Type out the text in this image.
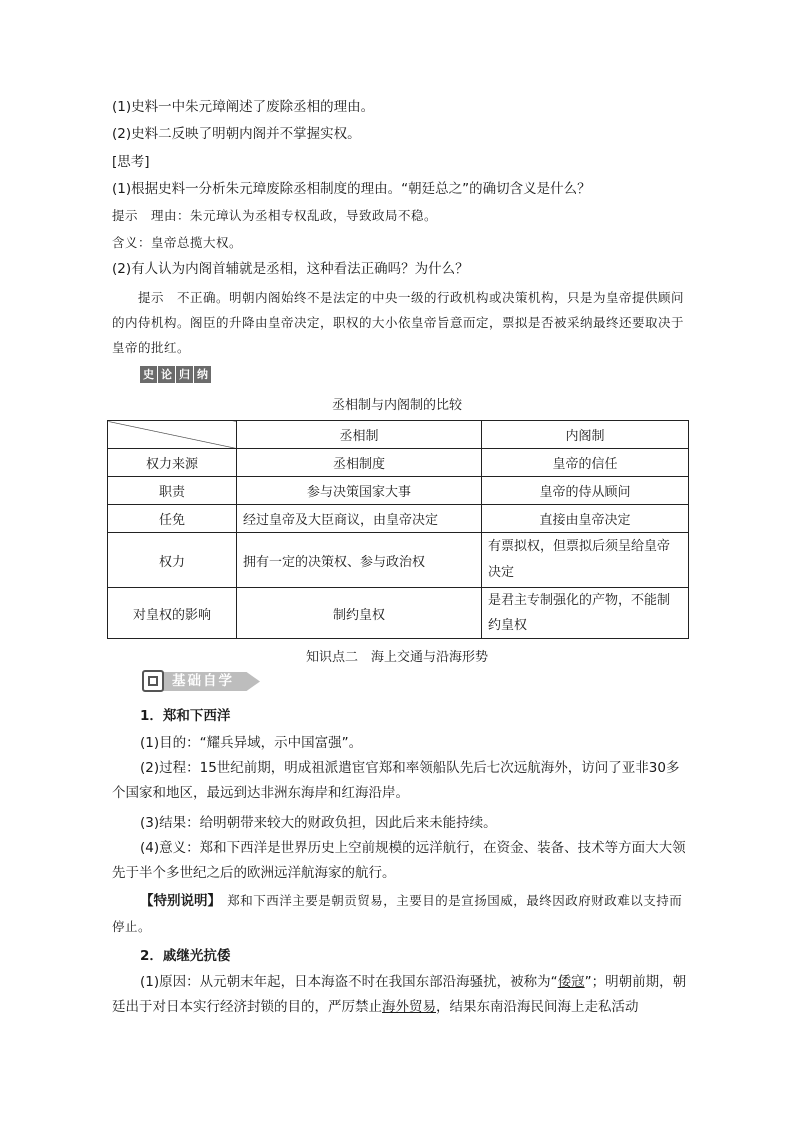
(1)史料一中朱元璋阐述了废除丞相的理由。
(2)史料二反映了明朝内阁并不掌握实权。
[思考]
(1)根据史料一分析朱元璋废除丞相制度的理由。“朝廷总之”的确切含义是什么？
提示　理由：朱元璋认为丞相专权乱政，导致政局不稳。
含义：皇帝总揽大权。
(2)有人认为内阁首辅就是丞相，这种看法正确吗？为什么？
提示　不正确。明朝内阁始终不是法定的中央一级的行政机构或决策机构，只是为皇帝提供顾问的内侍机构。阁臣的升降由皇帝决定，职权的大小依皇帝旨意而定，票拟是否被采纳最终还要取决于皇帝的批红。
史 论 归 纳
丞相制与内阁制的比较
	丞相制	内阁制
权力来源	丞相制度	皇帝的信任
职责	参与决策国家大事	皇帝的侍从顾问
任免	经过皇帝及大臣商议，由皇帝决定	直接由皇帝决定
权力	拥有一定的决策权、参与政治权	有票拟权，但票拟后须呈给皇帝决定
对皇权的影响	制约皇权	是君主专制强化的产物，不能制约皇权
知识点二　海上交通与沿海形势
基础自学
1．郑和下西洋
(1)目的：“耀兵异域，示中国富强”。
(2)过程：15世纪前期，明成祖派遣宦官郑和率领船队先后七次远航海外，访问了亚非30多个国家和地区，最远到达非洲东海岸和红海沿岸。
(3)结果：给明朝带来较大的财政负担，因此后来未能持续。
(4)意义：郑和下西洋是世界历史上空前规模的远洋航行，在资金、装备、技术等方面大大领先于半个多世纪之后的欧洲远洋航海家的航行。
【特别说明】　郑和下西洋主要是朝贡贸易，主要目的是宣扬国威，最终因政府财政难以支持而停止。
2．戚继光抗倭
(1)原因：从元朝末年起，日本海盗不时在我国东部沿海骚扰，被称为“倭寇”；明朝前期，朝廷出于对日本实行经济封锁的目的，严厉禁止海外贸易，结果东南沿海民间海上走私活动
